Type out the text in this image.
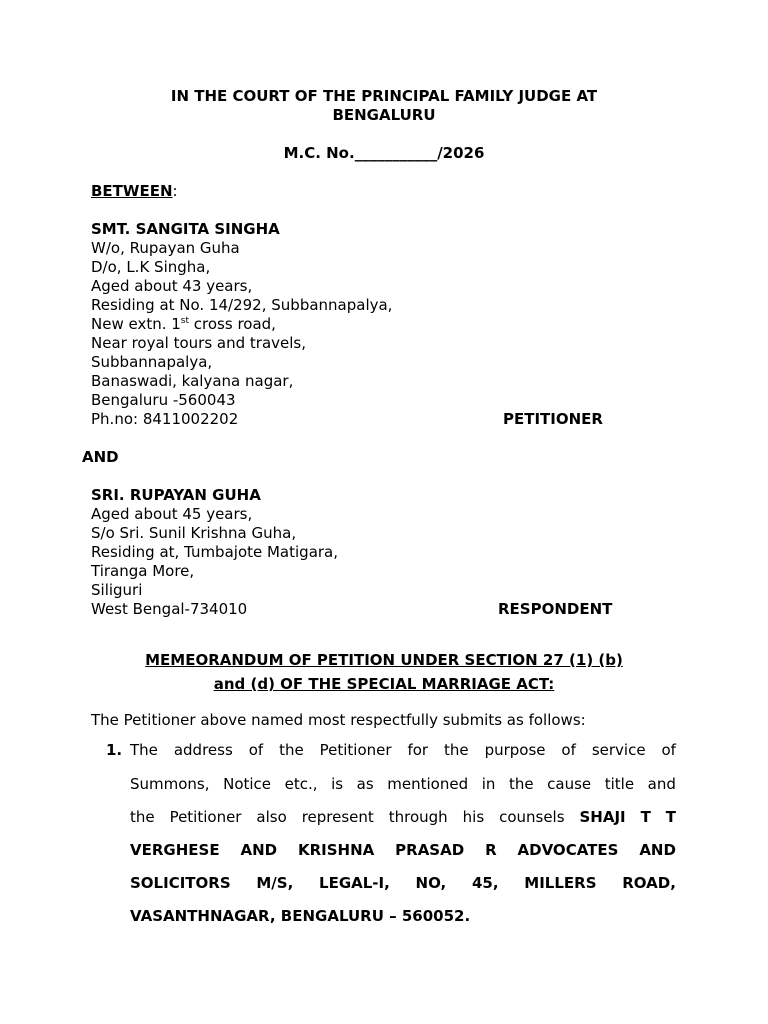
IN THE COURT OF THE PRINCIPAL FAMILY JUDGE AT
BENGALURU
M.C. No.___________/2026
BETWEEN:
SMT. SANGITA SINGHA
W/o, Rupayan Guha
D/o, L.K Singha,
Aged about 43 years,
Residing at No. 14/292, Subbannapalya,
New extn. 1st cross road,
Near royal tours and travels,
Subbannapalya,
Banaswadi, kalyana nagar,
Bengaluru -560043
Ph.no: 8411002202	PETITIONER
AND
SRI. RUPAYAN GUHA
Aged about 45 years,
S/o Sri. Sunil Krishna Guha,
Residing at, Tumbajote Matigara,
Tiranga More,
Siliguri
West Bengal-734010	RESPONDENT
MEMEORANDUM OF PETITION UNDER SECTION 27 (1) (b)
and (d) OF THE SPECIAL MARRIAGE ACT:
The Petitioner above named most respectfully submits as follows:
1. The address of the Petitioner for the purpose of service of
Summons, Notice etc., is as mentioned in the cause title and
the Petitioner also represent through his counsels SHAJI T T
VERGHESE AND KRISHNA PRASAD R ADVOCATES AND
SOLICITORS M/S, LEGAL-I, NO, 45, MILLERS ROAD,
VASANTHNAGAR, BENGALURU – 560052.
